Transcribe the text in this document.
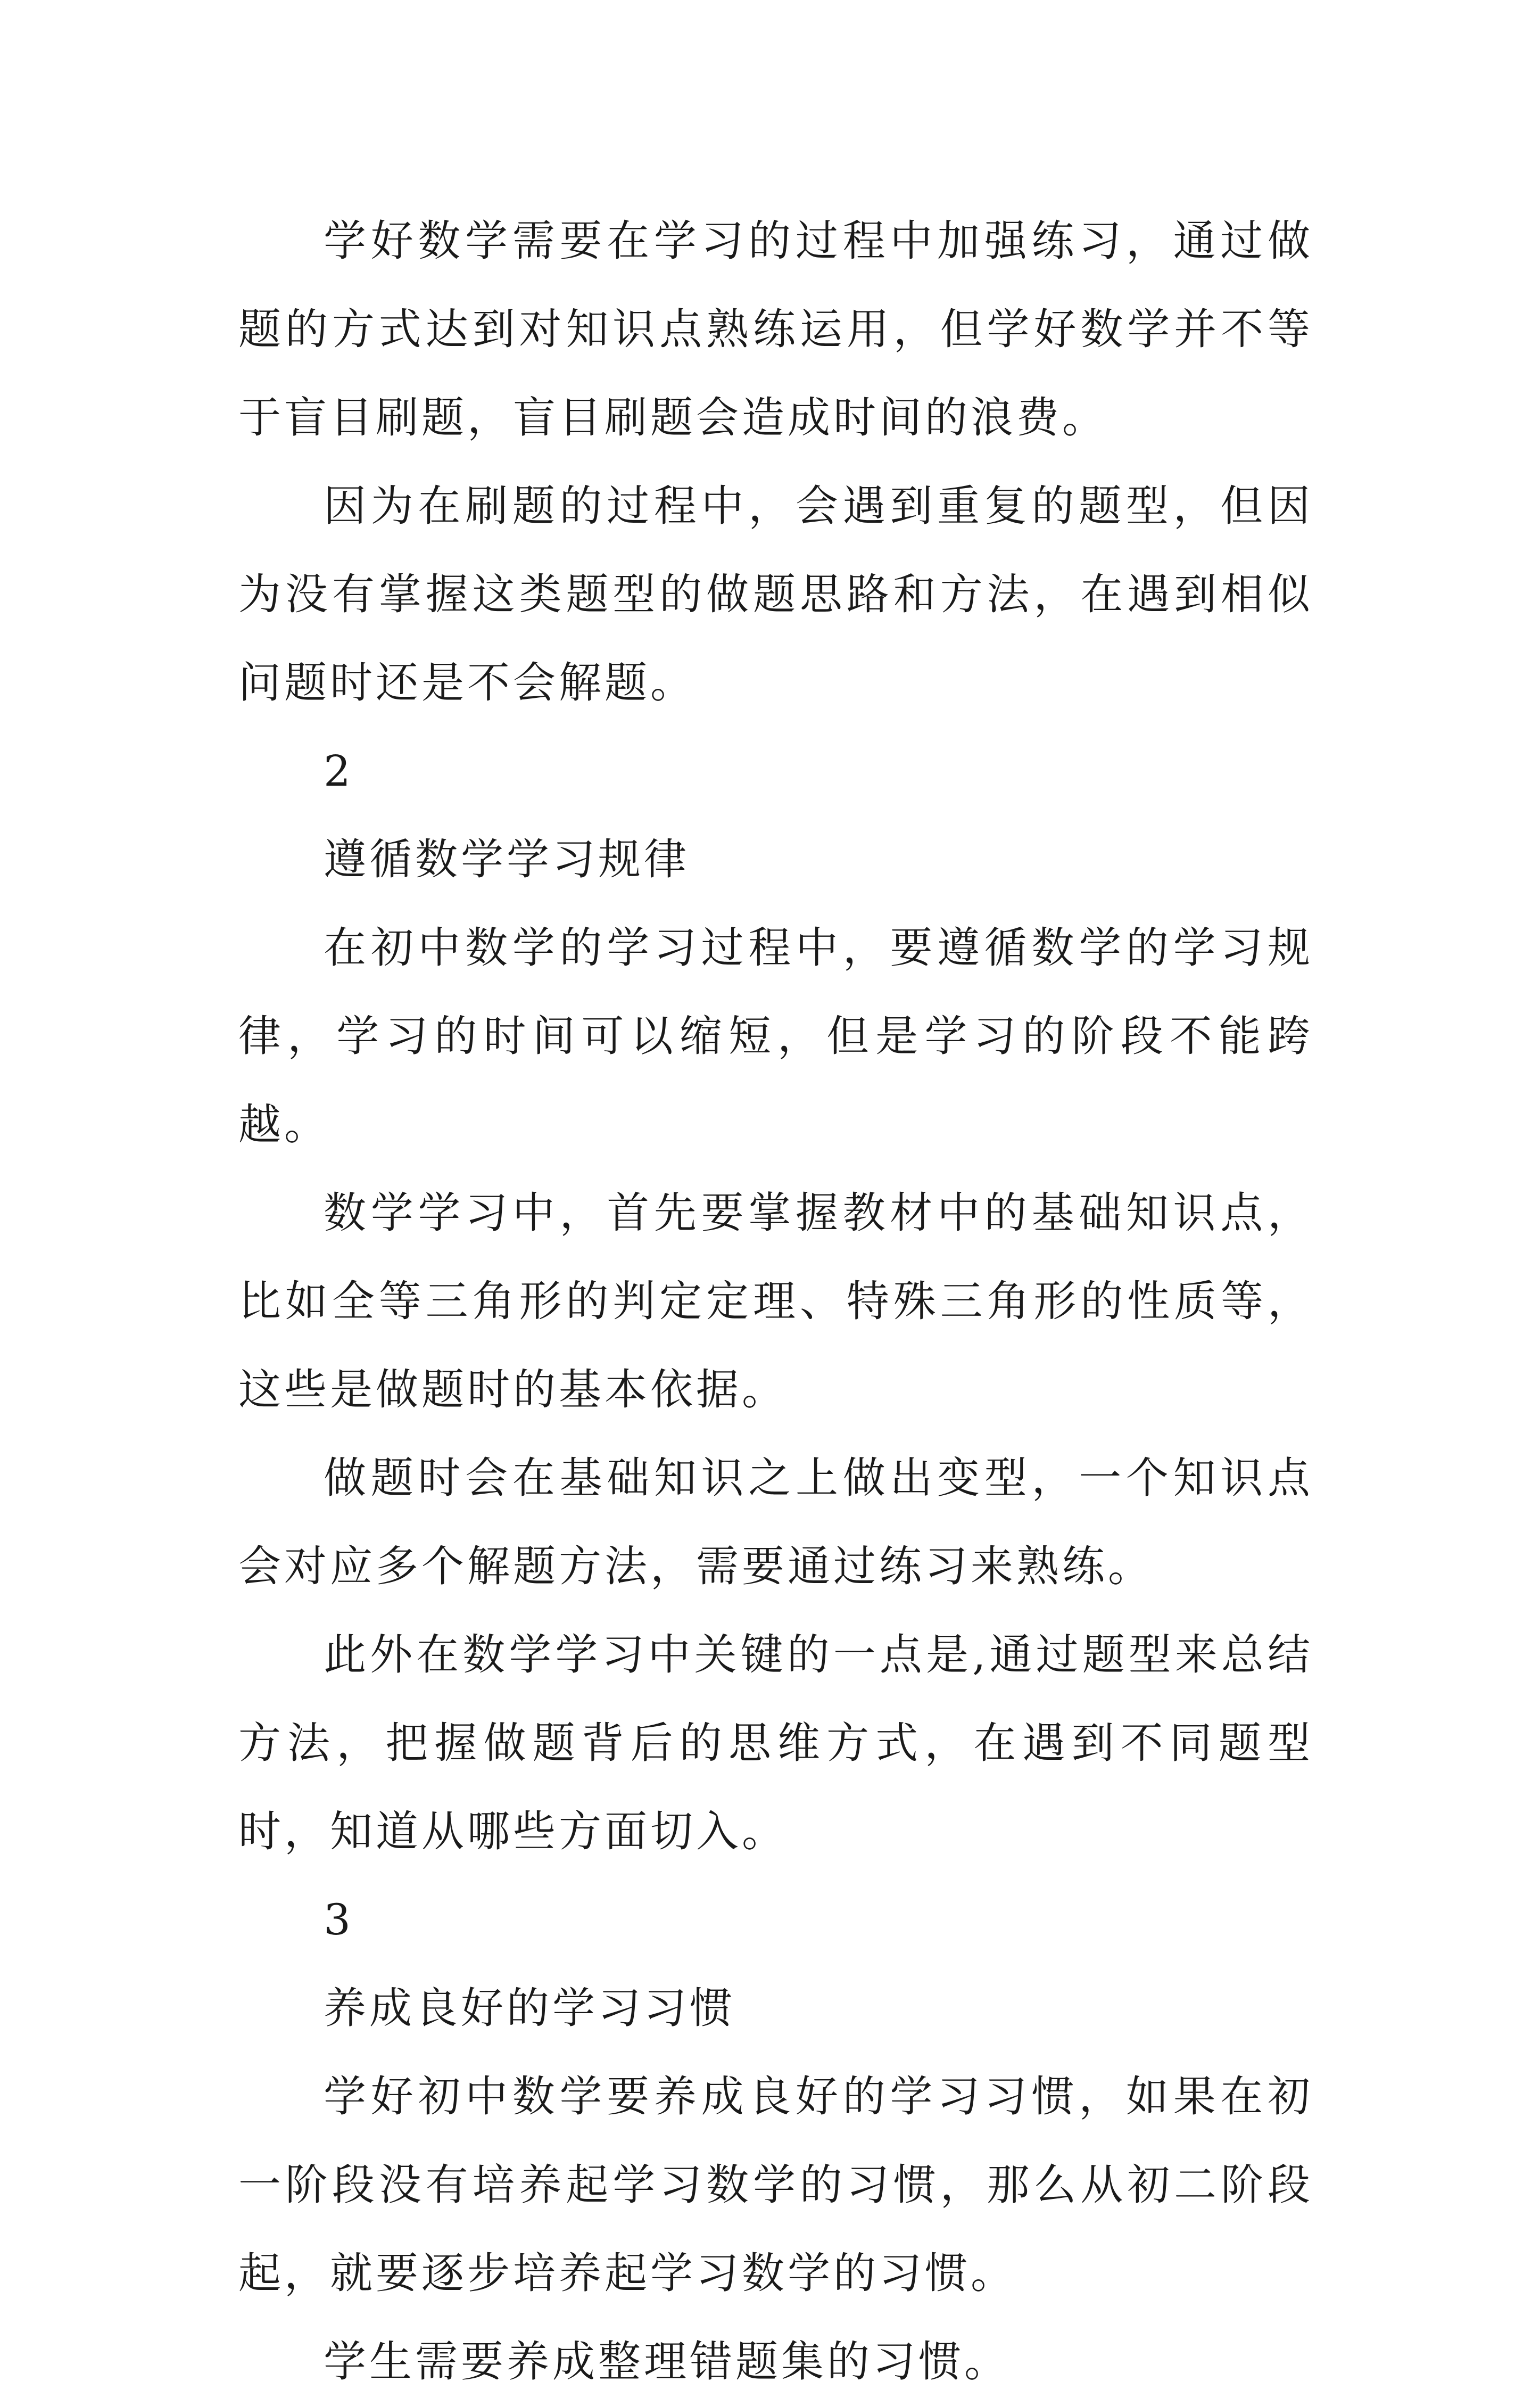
学好数学需要在学习的过程中加强练习，通过做题的方式达到对知识点熟练运用，但学好数学并不等于盲目刷题，盲目刷题会造成时间的浪费。

因为在刷题的过程中，会遇到重复的题型，但因为没有掌握这类题型的做题思路和方法，在遇到相似问题时还是不会解题。

2

遵循数学学习规律

在初中数学的学习过程中，要遵循数学的学习规律，学习的时间可以缩短，但是学习的阶段不能跨越。

数学学习中，首先要掌握教材中的基础知识点，比如全等三角形的判定定理、特殊三角形的性质等，这些是做题时的基本依据。

做题时会在基础知识之上做出变型，一个知识点会对应多个解题方法，需要通过练习来熟练。

此外在数学学习中关键的一点是,通过题型来总结方法，把握做题背后的思维方式，在遇到不同题型时，知道从哪些方面切入。

3

养成良好的学习习惯

学好初中数学要养成良好的学习习惯，如果在初一阶段没有培养起学习数学的习惯，那么从初二阶段起，就要逐步培养起学习数学的习惯。

学生需要养成整理错题集的习惯。
